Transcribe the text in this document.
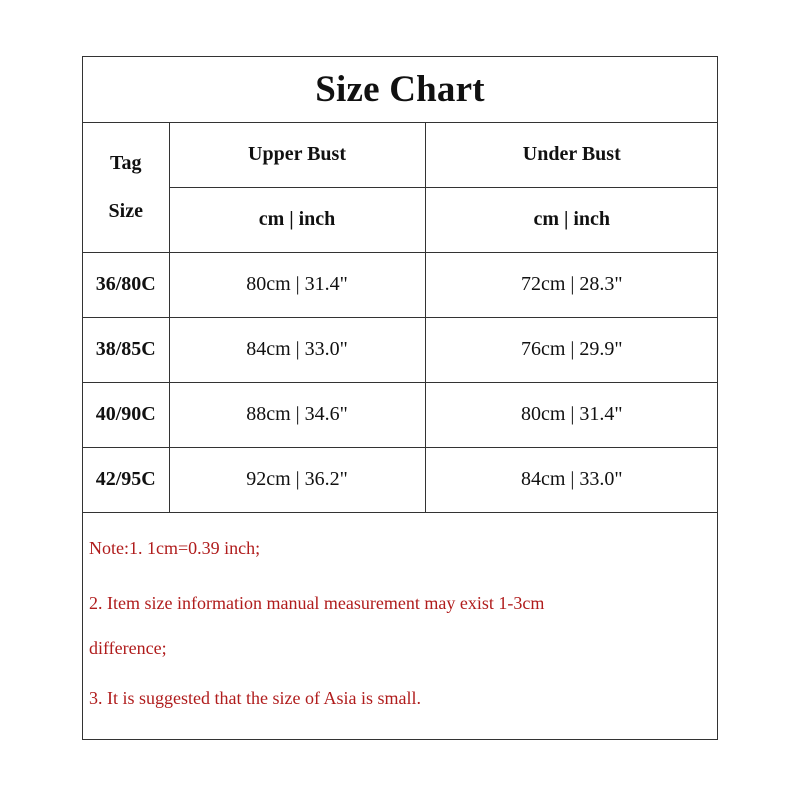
Size Chart
Tag
Size	Upper Bust	Under Bust
	cm | inch	cm | inch
36/80C	80cm | 31.4"	72cm | 28.3"
38/85C	84cm | 33.0"	76cm | 29.9"
40/90C	88cm | 34.6"	80cm | 31.4"
42/95C	92cm | 36.2"	84cm | 33.0"
Note:1. 1cm=0.39 inch;
2. Item size information manual measurement may exist 1-3cm
difference;
3. It is suggested that the size of Asia is small.
